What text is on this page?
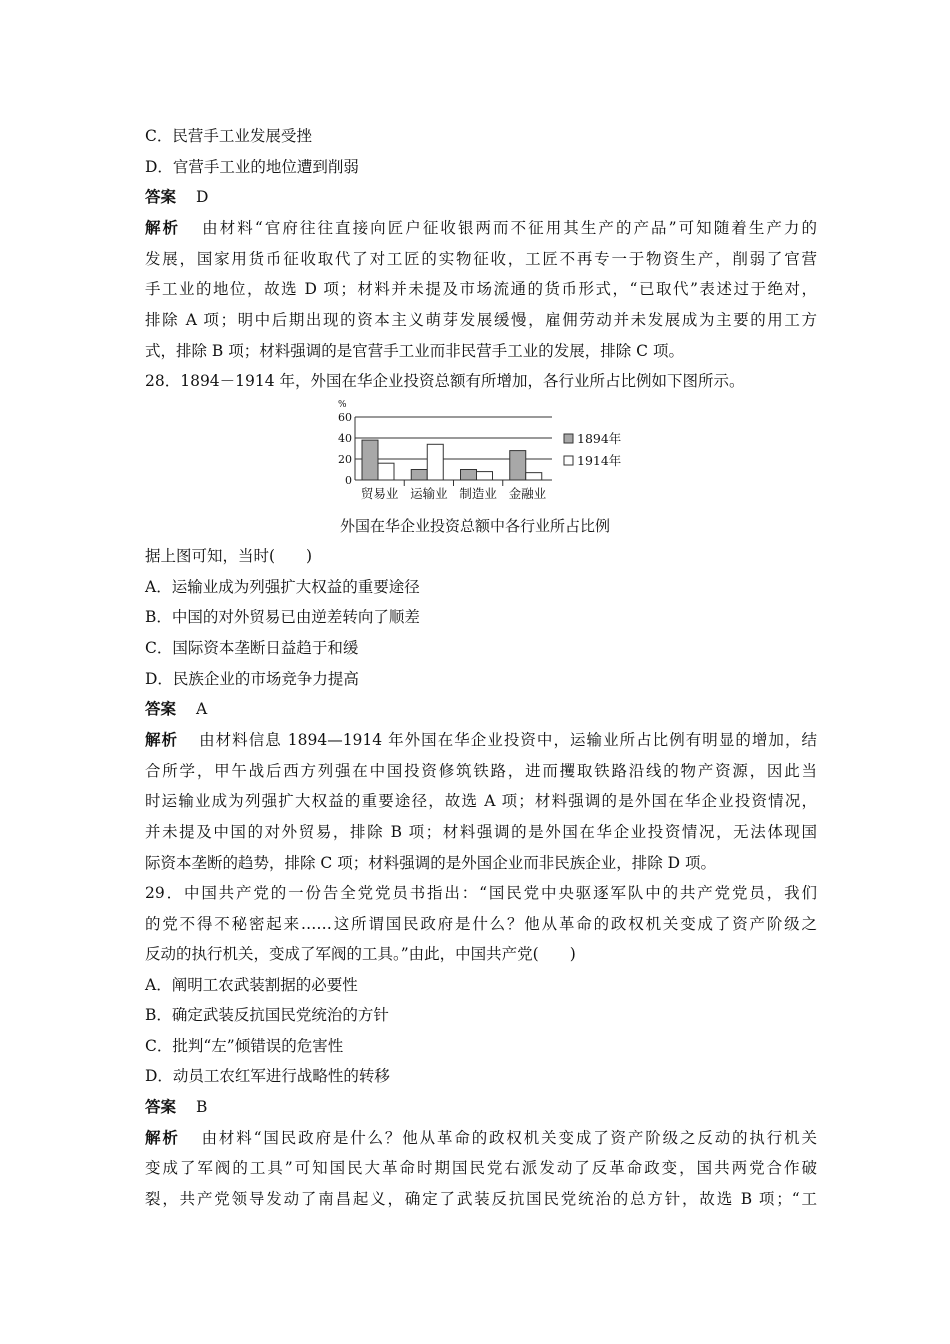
C．民营手工业发展受挫
D．官营手工业的地位遭到削弱
答案 D
解析 由材料“官府往往直接向匠户征收银两而不征用其生产的产品”可知随着生产力的
发展，国家用货币征收取代了对工匠的实物征收，工匠不再专一于物资生产，削弱了官营
手工业的地位，故选 D 项；材料并未提及市场流通的货币形式，“已取代”表述过于绝对，
排除 A 项；明中后期出现的资本主义萌芽发展缓慢，雇佣劳动并未发展成为主要的用工方
式，排除 B 项；材料强调的是官营手工业而非民营手工业的发展，排除 C 项。
28．1894－1914 年，外国在华企业投资总额有所增加，各行业所占比例如下图所示。
%
0
20
40
60
贸易业 运输业 制造业 金融业
1894年
1914年
外国在华企业投资总额中各行业所占比例
据上图可知，当时(　　)
A．运输业成为列强扩大权益的重要途径
B．中国的对外贸易已由逆差转向了顺差
C．国际资本垄断日益趋于和缓
D．民族企业的市场竞争力提高
答案 A
解析 由材料信息 1894—1914 年外国在华企业投资中，运输业所占比例有明显的增加，结
合所学，甲午战后西方列强在中国投资修筑铁路，进而攫取铁路沿线的物产资源，因此当
时运输业成为列强扩大权益的重要途径，故选 A 项；材料强调的是外国在华企业投资情况，
并未提及中国的对外贸易，排除 B 项；材料强调的是外国在华企业投资情况，无法体现国
际资本垄断的趋势，排除 C 项；材料强调的是外国企业而非民族企业，排除 D 项。
29．中国共产党的一份告全党党员书指出：“国民党中央驱逐军队中的共产党党员，我们
的党不得不秘密起来……这所谓国民政府是什么？他从革命的政权机关变成了资产阶级之
反动的执行机关，变成了军阀的工具。”由此，中国共产党(　　)
A．阐明工农武装割据的必要性
B．确定武装反抗国民党统治的方针
C．批判“左”倾错误的危害性
D．动员工农红军进行战略性的转移
答案 B
解析 由材料“国民政府是什么？他从革命的政权机关变成了资产阶级之反动的执行机关
变成了军阀的工具”可知国民大革命时期国民党右派发动了反革命政变，国共两党合作破
裂，共产党领导发动了南昌起义，确定了武装反抗国民党统治的总方针，故选 B 项；“工
